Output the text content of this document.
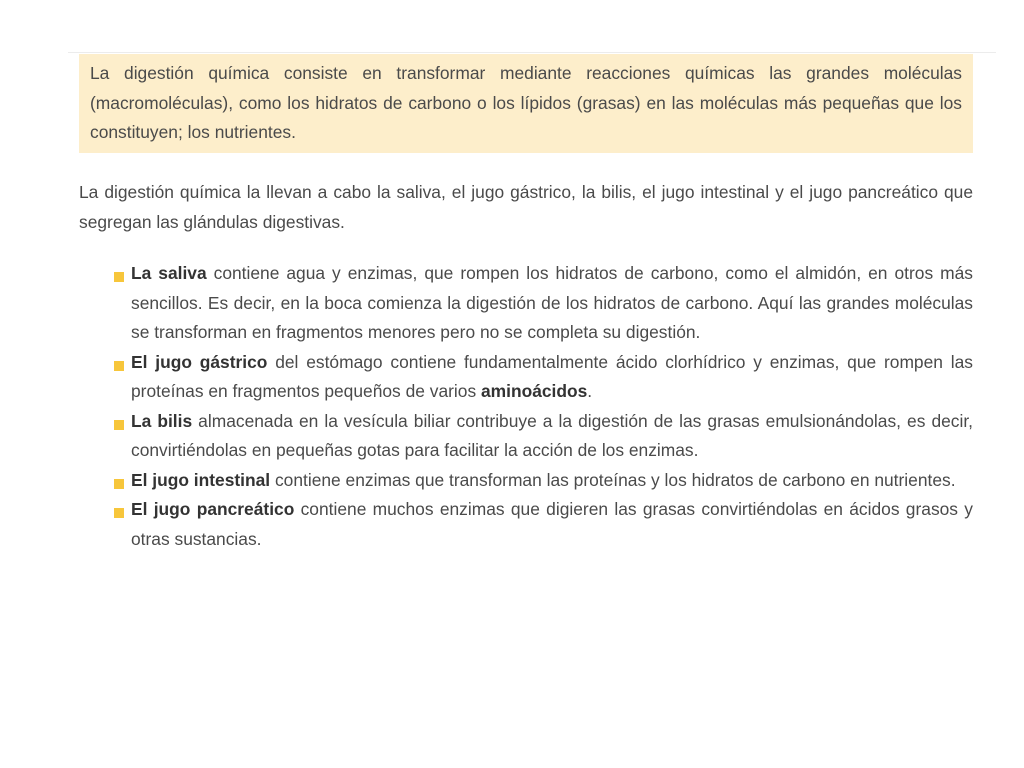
La digestión química consiste en transformar mediante reacciones químicas las grandes moléculas (macromoléculas), como los hidratos de carbono o los lípidos (grasas) en las moléculas más pequeñas que los constituyen; los nutrientes.

La digestión química la llevan a cabo la saliva, el jugo gástrico, la bilis, el jugo intestinal y el jugo pancreático que segregan las glándulas digestivas.

La saliva contiene agua y enzimas, que rompen los hidratos de carbono, como el almidón, en otros más sencillos. Es decir, en la boca comienza la digestión de los hidratos de carbono. Aquí las grandes moléculas se transforman en fragmentos menores pero no se completa su digestión.
El jugo gástrico del estómago contiene fundamentalmente ácido clorhídrico y enzimas, que rompen las proteínas en fragmentos pequeños de varios aminoácidos.
La bilis almacenada en la vesícula biliar contribuye a la digestión de las grasas emulsionándolas, es decir, convirtiéndolas en pequeñas gotas para facilitar la acción de los enzimas.
El jugo intestinal contiene enzimas que transforman las proteínas y los hidratos de carbono en nutrientes.
El jugo pancreático contiene muchos enzimas que digieren las grasas convirtiéndolas en ácidos grasos y otras sustancias.
